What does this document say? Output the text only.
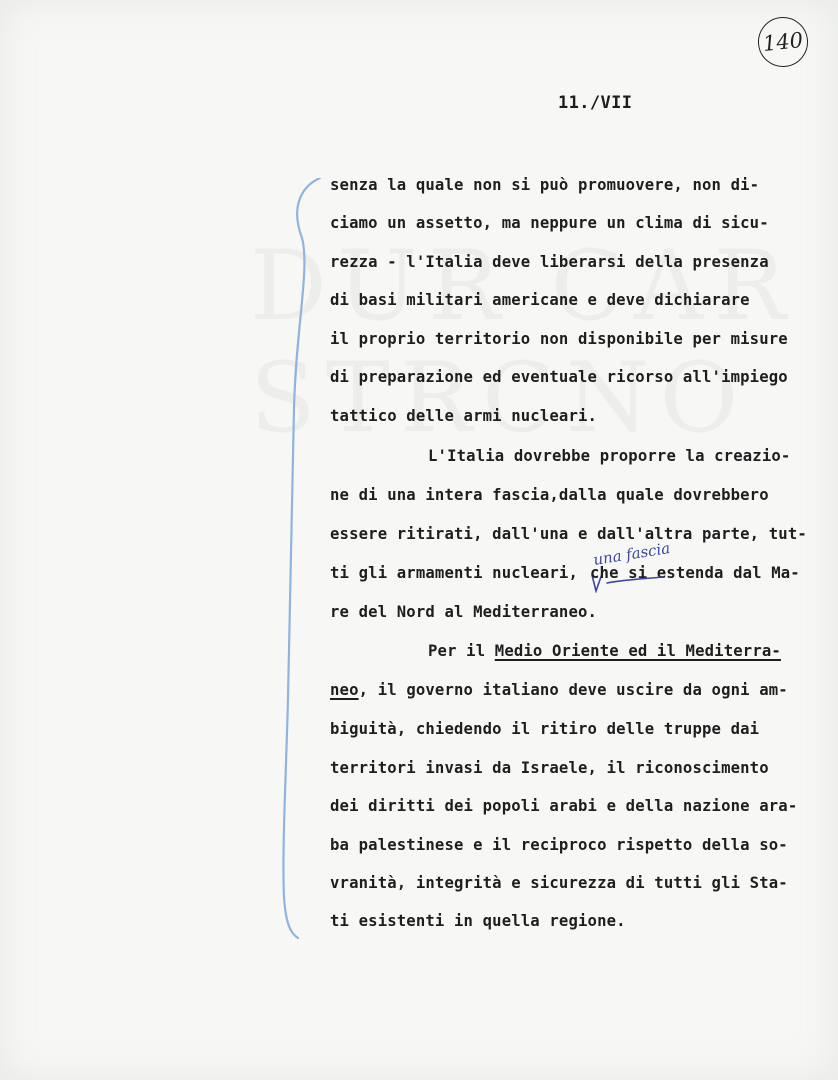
140
11./VII
senza la quale non si può promuovere, non di-
ciamo un assetto, ma neppure un clima di sicu-
rezza - l'Italia deve liberarsi della presenza
di basi militari americane e deve dichiarare
il proprio territorio non disponibile per misure
di preparazione ed eventuale ricorso all'impiego
tattico delle armi nucleari.
L'Italia dovrebbe proporre la creazio-
ne di una intera fascia,dalla quale dovrebbero
essere ritirati, dall'una e dall'altra parte, tut-
una fascia
ti gli armamenti nucleari, che si estenda dal Ma-
re del Nord al Mediterraneo.
Per il Medio Oriente ed il Mediterra-
neo, il governo italiano deve uscire da ogni am-
biguità, chiedendo il ritiro delle truppe dai
territori invasi da Israele, il riconoscimento
dei diritti dei popoli arabi e della nazione ara-
ba palestinese e il reciproco rispetto della so-
vranità, integrità e sicurezza di tutti gli Sta-
ti esistenti in quella regione.
